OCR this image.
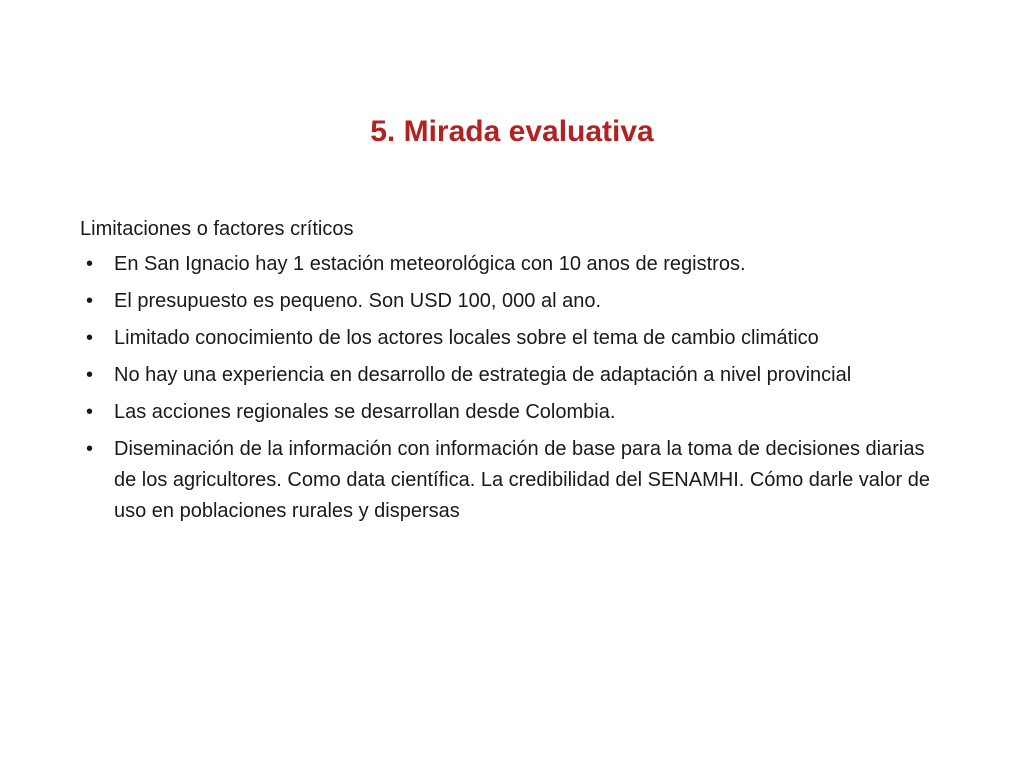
5. Mirada evaluativa
Limitaciones o factores críticos
• En San Ignacio hay 1 estación meteorológica con 10 anos de registros.
• El presupuesto es pequeno. Son USD 100, 000 al ano.
• Limitado conocimiento de los actores locales sobre el tema de cambio climático
• No hay una experiencia en desarrollo de estrategia de adaptación a nivel provincial
• Las acciones regionales se desarrollan desde Colombia.
• Diseminación de la información con información de base para la toma de decisiones diarias de los agricultores. Como data científica. La credibilidad del SENAMHI. Cómo darle valor de uso en poblaciones rurales y dispersas
